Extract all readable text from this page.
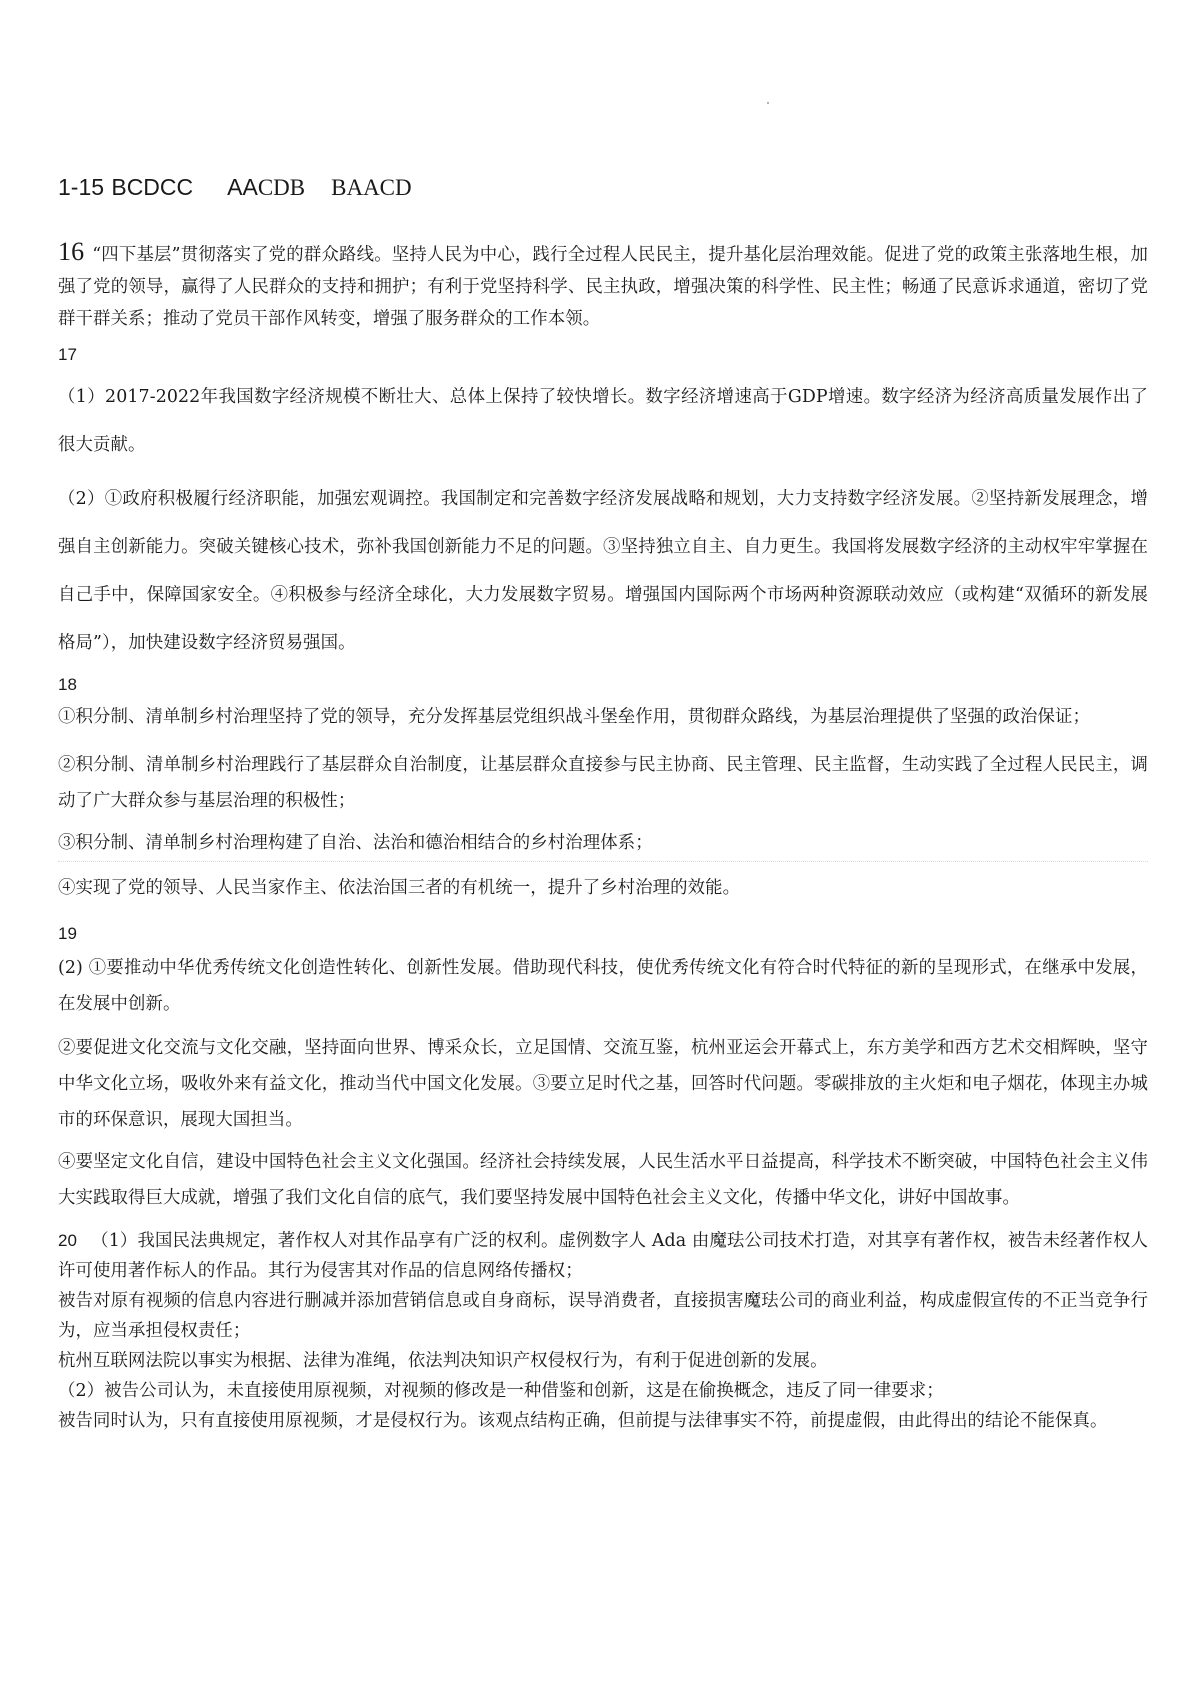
1-15 BCDCC AACDB BAACD

16 “四下基层”贯彻落实了党的群众路线。坚持人民为中心，践行全过程人民民主，提升基化层治理效能。促进了党的政策主张落地生根，加强了党的领导，赢得了人民群众的支持和拥护；有利于党坚持科学、民主执政，增强决策的科学性、民主性；畅通了民意诉求通道，密切了党群干群关系；推动了党员干部作风转变，增强了服务群众的工作本领。

17

（1）2017-2022年我国数字经济规模不断壮大、总体上保持了较快增长。数字经济增速高于GDP增速。数字经济为经济高质量发展作出了很大贡献。

（2）①政府积极履行经济职能，加强宏观调控。我国制定和完善数字经济发展战略和规划，大力支持数字经济发展。②坚持新发展理念，增强自主创新能力。突破关键核心技术，弥补我国创新能力不足的问题。③坚持独立自主、自力更生。我国将发展数字经济的主动权牢牢掌握在自己手中，保障国家安全。④积极参与经济全球化，大力发展数字贸易。增强国内国际两个市场两种资源联动效应（或构建“双循环的新发展格局”），加快建设数字经济贸易强国。

18

①积分制、清单制乡村治理坚持了党的领导，充分发挥基层党组织战斗堡垒作用，贯彻群众路线，为基层治理提供了坚强的政治保证；

②积分制、清单制乡村治理践行了基层群众自治制度，让基层群众直接参与民主协商、民主管理、民主监督，生动实践了全过程人民民主，调动了广大群众参与基层治理的积极性；

③积分制、清单制乡村治理构建了自治、法治和德治相结合的乡村治理体系；

④实现了党的领导、人民当家作主、依法治国三者的有机统一，提升了乡村治理的效能。

19

(2) ①要推动中华优秀传统文化创造性转化、创新性发展。借助现代科技，使优秀传统文化有符合时代特征的新的呈现形式，在继承中发展，在发展中创新。

②要促进文化交流与文化交融，坚持面向世界、博采众长，立足国情、交流互鉴，杭州亚运会开幕式上，东方美学和西方艺术交相辉映，坚守中华文化立场，吸收外来有益文化，推动当代中国文化发展。③要立足时代之基，回答时代问题。零碳排放的主火炬和电子烟花，体现主办城市的环保意识，展现大国担当。

④要坚定文化自信，建设中国特色社会主义文化强国。经济社会持续发展，人民生活水平日益提高，科学技术不断突破，中国特色社会主义伟大实践取得巨大成就，增强了我们文化自信的底气，我们要坚持发展中国特色社会主义文化，传播中华文化，讲好中国故事。

20 （1）我国民法典规定，著作权人对其作品享有广泛的权利。虚例数字人 Ada 由魔珐公司技术打造，对其享有著作权，被告未经著作权人许可使用著作标人的作品。其行为侵害其对作品的信息网络传播权；

被告对原有视频的信息内容进行删减并添加营销信息或自身商标，误导消费者，直接损害魔珐公司的商业利益，构成虚假宣传的不正当竞争行为，应当承担侵权责任；

杭州互联网法院以事实为根据、法律为准绳，依法判决知识产权侵权行为，有利于促进创新的发展。

（2）被告公司认为，未直接使用原视频，对视频的修改是一种借鉴和创新，这是在偷换概念，违反了同一律要求；

被告同时认为，只有直接使用原视频，才是侵权行为。该观点结构正确，但前提与法律事实不符，前提虚假，由此得出的结论不能保真。
